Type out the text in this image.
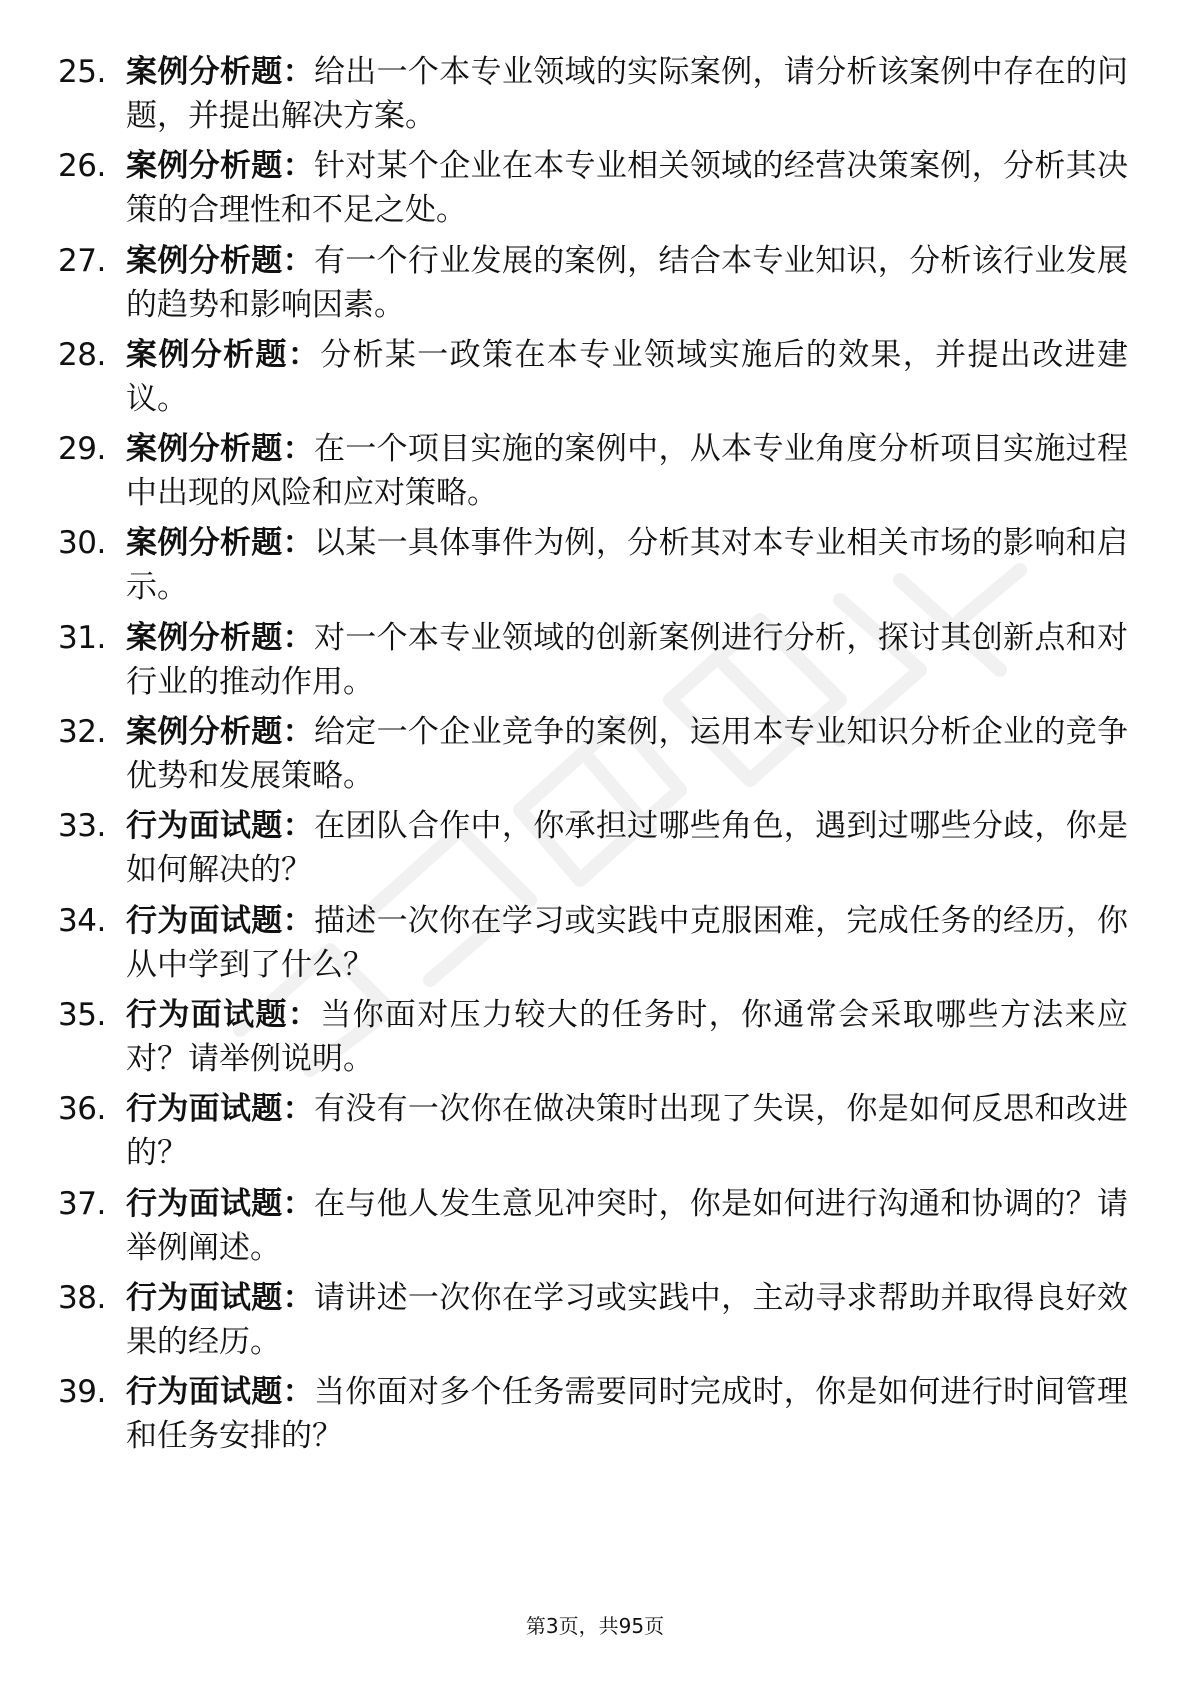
25. 案例分析题：给出一个本专业领域的实际案例，请分析该案例中存在的问题，并提出解决方案。
26. 案例分析题：针对某个企业在本专业相关领域的经营决策案例，分析其决策的合理性和不足之处。
27. 案例分析题：有一个行业发展的案例，结合本专业知识，分析该行业发展的趋势和影响因素。
28. 案例分析题：分析某一政策在本专业领域实施后的效果，并提出改进建议。
29. 案例分析题：在一个项目实施的案例中，从本专业角度分析项目实施过程中出现的风险和应对策略。
30. 案例分析题：以某一具体事件为例，分析其对本专业相关市场的影响和启示。
31. 案例分析题：对一个本专业领域的创新案例进行分析，探讨其创新点和对行业的推动作用。
32. 案例分析题：给定一个企业竞争的案例，运用本专业知识分析企业的竞争优势和发展策略。
33. 行为面试题：在团队合作中，你承担过哪些角色，遇到过哪些分歧，你是如何解决的？
34. 行为面试题：描述一次你在学习或实践中克服困难，完成任务的经历，你从中学到了什么？
35. 行为面试题：当你面对压力较大的任务时，你通常会采取哪些方法来应对？请举例说明。
36. 行为面试题：有没有一次你在做决策时出现了失误，你是如何反思和改进的？
37. 行为面试题：在与他人发生意见冲突时，你是如何进行沟通和协调的？请举例阐述。
38. 行为面试题：请讲述一次你在学习或实践中，主动寻求帮助并取得良好效果的经历。
39. 行为面试题：当你面对多个任务需要同时完成时，你是如何进行时间管理和任务安排的？
第3页，共95页
